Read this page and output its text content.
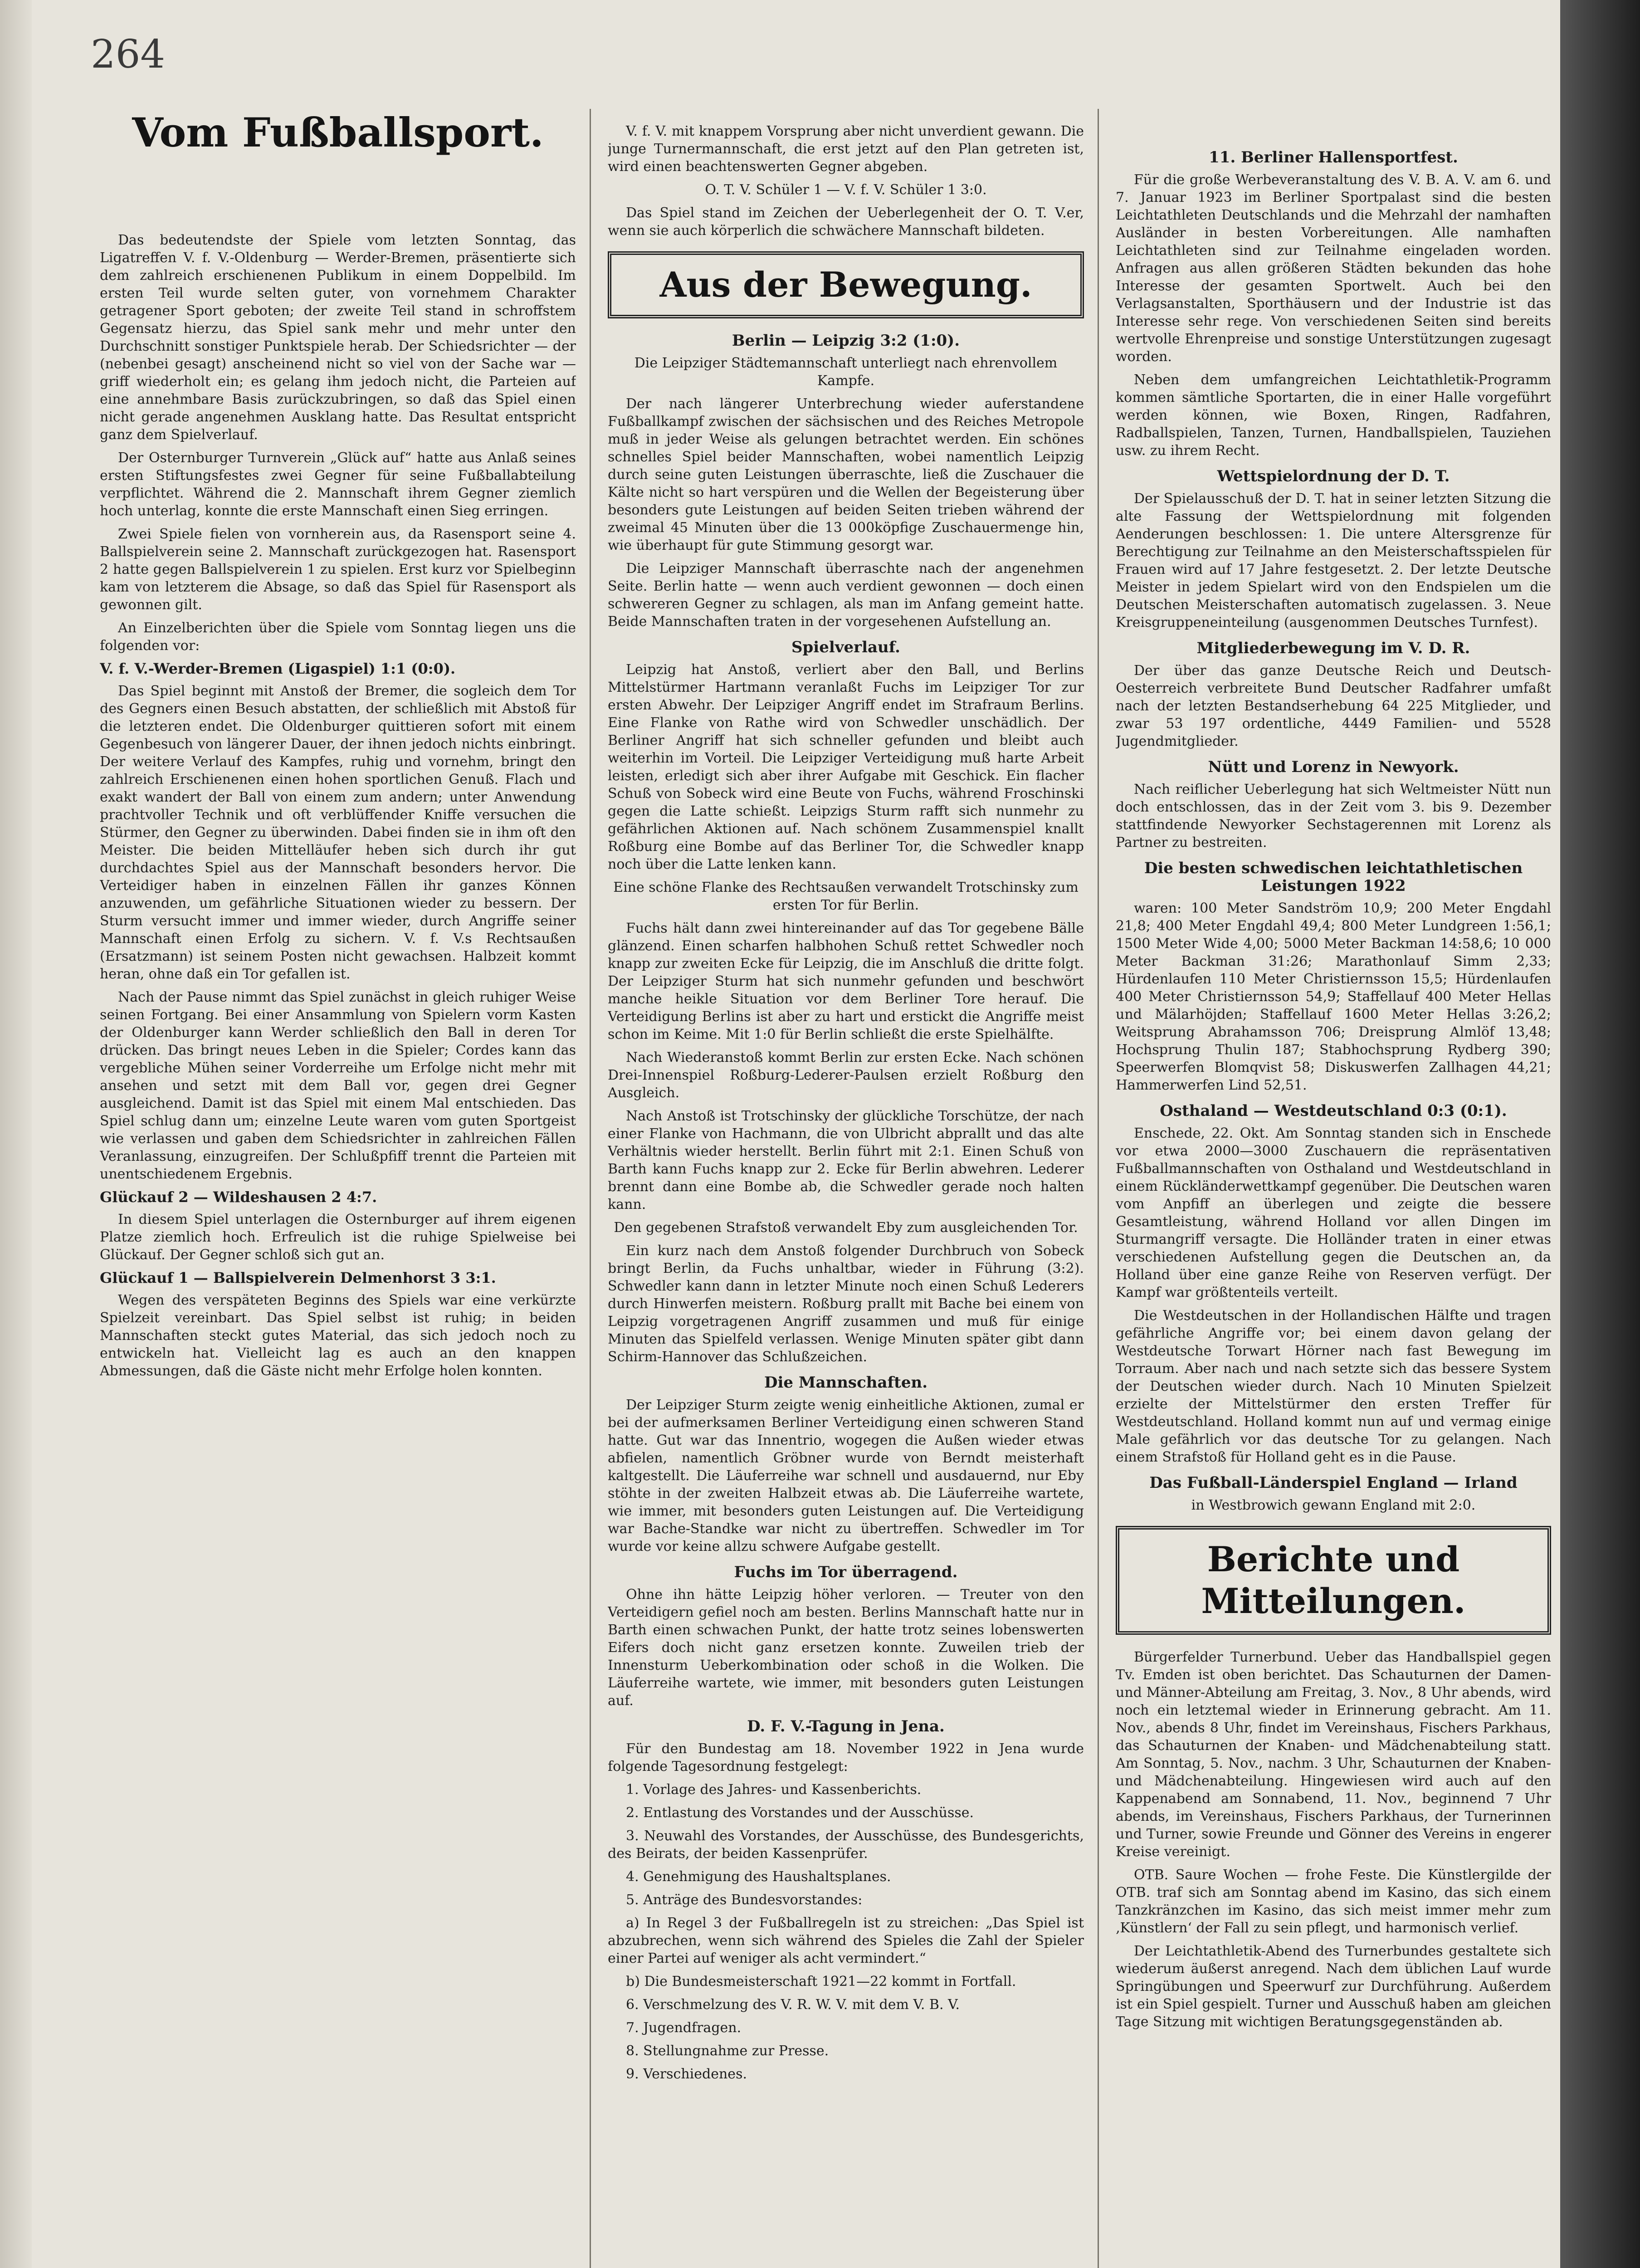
264
Vom Fußballsport.

Das bedeutendste der Spiele vom letzten Sonntag, das Ligatreffen V. f. V.-Oldenburg — Werder-Bremen, präsentierte sich dem zahlreich erschienenen Publikum in einem Doppelbild. Im ersten Teil wurde selten guter, von vornehmem Charakter getragener Sport geboten; der zweite Teil stand in schroffstem Gegensatz hierzu, das Spiel sank mehr und mehr unter den Durchschnitt sonstiger Punktspiele herab. Der Schiedsrichter — der (nebenbei gesagt) anscheinend nicht so viel von der Sache war — griff wiederholt ein; es gelang ihm jedoch nicht, die Parteien auf eine annehmbare Basis zurückzubringen, so daß das Spiel einen nicht gerade angenehmen Ausklang hatte. Das Resultat entspricht ganz dem Spielverlauf.

Der Osternburger Turnverein „Glück auf“ hatte aus Anlaß seines ersten Stiftungsfestes zwei Gegner für seine Fußballabteilung verpflichtet. Während die 2. Mannschaft ihrem Gegner ziemlich hoch unterlag, konnte die erste Mannschaft einen Sieg erringen.

Zwei Spiele fielen von vornherein aus, da Rasensport seine 4. Ballspielverein seine 2. Mannschaft zurückgezogen hat. Rasensport 2 hatte gegen Ballspielverein 1 zu spielen. Erst kurz vor Spielbeginn kam von letzterem die Absage, so daß das Spiel für Rasensport als gewonnen gilt.

An Einzelberichten über die Spiele vom Sonntag liegen uns die folgenden vor:

V. f. V.-Werder-Bremen (Ligaspiel) 1:1 (0:0).

Das Spiel beginnt mit Anstoß der Bremer, die sogleich dem Tor des Gegners einen Besuch abstatten, der schließlich mit Abstoß für die letzteren endet. Die Oldenburger quittieren sofort mit einem Gegenbesuch von längerer Dauer, der ihnen jedoch nichts einbringt. Der weitere Verlauf des Kampfes, ruhig und vornehm, bringt den zahlreich Erschienenen einen hohen sportlichen Genuß. Flach und exakt wandert der Ball von einem zum andern; unter Anwendung prachtvoller Technik und oft verblüffender Kniffe versuchen die Stürmer, den Gegner zu überwinden. Dabei finden sie in ihm oft den Meister. Die beiden Mittelläufer heben sich durch ihr gut durchdachtes Spiel aus der Mannschaft besonders hervor. Die Verteidiger haben in einzelnen Fällen ihr ganzes Können anzuwenden, um gefährliche Situationen wieder zu bessern. Der Sturm versucht immer und immer wieder, durch Angriffe seiner Mannschaft einen Erfolg zu sichern. V. f. V.s Rechtsaußen (Ersatzmann) ist seinem Posten nicht gewachsen. Halbzeit kommt heran, ohne daß ein Tor gefallen ist.

Nach der Pause nimmt das Spiel zunächst in gleich ruhiger Weise seinen Fortgang. Bei einer Ansammlung von Spielern vorm Kasten der Oldenburger kann Werder schließlich den Ball in deren Tor drücken. Das bringt neues Leben in die Spieler; Cordes kann das vergebliche Mühen seiner Vorderreihe um Erfolge nicht mehr mit ansehen und setzt mit dem Ball vor, gegen drei Gegner ausgleichend. Damit ist das Spiel mit einem Mal entschieden. Das Spiel schlug dann um; einzelne Leute waren vom guten Sportgeist wie verlassen und gaben dem Schiedsrichter in zahlreichen Fällen Veranlassung, einzugreifen. Der Schlußpfiff trennt die Parteien mit unentschiedenem Ergebnis.

Glückauf 2 — Wildeshausen 2 4:7.

In diesem Spiel unterlagen die Osternburger auf ihrem eigenen Platze ziemlich hoch. Erfreulich ist die ruhige Spielweise bei Glückauf. Der Gegner schloß sich gut an.

Glückauf 1 — Ballspielverein Delmenhorst 3 3:1.

Wegen des verspäteten Beginns des Spiels war eine verkürzte Spielzeit vereinbart. Das Spiel selbst ist ruhig; in beiden Mannschaften steckt gutes Material, das sich jedoch noch zu entwickeln hat. Vielleicht lag es auch an den knappen Abmessungen, daß die Gäste nicht mehr Erfolge holen konnten.

V. f. V. mit knappem Vorsprung aber nicht unverdient gewann. Die junge Turnermannschaft, die erst jetzt auf den Plan getreten ist, wird einen beachtenswerten Gegner abgeben.

O. T. V. Schüler 1 — V. f. V. Schüler 1 3:0.

Das Spiel stand im Zeichen der Ueberlegenheit der O. T. V.er, wenn sie auch körperlich die schwächere Mannschaft bildeten.

Aus der Bewegung.
Berlin — Leipzig 3:2 (1:0).

Die Leipziger Städtemannschaft unterliegt nach ehrenvollem Kampfe.

Der nach längerer Unterbrechung wieder auferstandene Fußballkampf zwischen der sächsischen und des Reiches Metropole muß in jeder Weise als gelungen betrachtet werden. Ein schönes schnelles Spiel beider Mannschaften, wobei namentlich Leipzig durch seine guten Leistungen überraschte, ließ die Zuschauer die Kälte nicht so hart verspüren und die Wellen der Begeisterung über besonders gute Leistungen auf beiden Seiten trieben während der zweimal 45 Minuten über die 13 000köpfige Zuschauermenge hin, wie überhaupt für gute Stimmung gesorgt war.

Die Leipziger Mannschaft überraschte nach der angenehmen Seite. Berlin hatte — wenn auch verdient gewonnen — doch einen schwereren Gegner zu schlagen, als man im Anfang gemeint hatte. Beide Mannschaften traten in der vorgesehenen Aufstellung an.

Spielverlauf.

Leipzig hat Anstoß, verliert aber den Ball, und Berlins Mittelstürmer Hartmann veranlaßt Fuchs im Leipziger Tor zur ersten Abwehr. Der Leipziger Angriff endet im Strafraum Berlins. Eine Flanke von Rathe wird von Schwedler unschädlich. Der Berliner Angriff hat sich schneller gefunden und bleibt auch weiterhin im Vorteil. Die Leipziger Verteidigung muß harte Arbeit leisten, erledigt sich aber ihrer Aufgabe mit Geschick. Ein flacher Schuß von Sobeck wird eine Beute von Fuchs, während Froschinski gegen die Latte schießt. Leipzigs Sturm rafft sich nunmehr zu gefährlichen Aktionen auf. Nach schönem Zusammenspiel knallt Roßburg eine Bombe auf das Berliner Tor, die Schwedler knapp noch über die Latte lenken kann.

Eine schöne Flanke des Rechtsaußen verwandelt Trotschinsky zum ersten Tor für Berlin.

Fuchs hält dann zwei hintereinander auf das Tor gegebene Bälle glänzend. Einen scharfen halbhohen Schuß rettet Schwedler noch knapp zur zweiten Ecke für Leipzig, die im Anschluß die dritte folgt. Der Leipziger Sturm hat sich nunmehr gefunden und beschwört manche heikle Situation vor dem Berliner Tore herauf. Die Verteidigung Berlins ist aber zu hart und erstickt die Angriffe meist schon im Keime. Mit 1:0 für Berlin schließt die erste Spielhälfte.

Nach Wiederanstoß kommt Berlin zur ersten Ecke. Nach schönen Drei-Innenspiel Roßburg-Lederer-Paulsen erzielt Roßburg den Ausgleich.

Nach Anstoß ist Trotschinsky der glückliche Torschütze, der nach einer Flanke von Hachmann, die von Ulbricht abprallt und das alte Verhältnis wieder herstellt. Berlin führt mit 2:1. Einen Schuß von Barth kann Fuchs knapp zur 2. Ecke für Berlin abwehren. Lederer brennt dann eine Bombe ab, die Schwedler gerade noch halten kann.

Den gegebenen Strafstoß verwandelt Eby zum ausgleichenden Tor.

Ein kurz nach dem Anstoß folgender Durchbruch von Sobeck bringt Berlin, da Fuchs unhaltbar, wieder in Führung (3:2). Schwedler kann dann in letzter Minute noch einen Schuß Lederers durch Hinwerfen meistern. Roßburg prallt mit Bache bei einem von Leipzig vorgetragenen Angriff zusammen und muß für einige Minuten das Spielfeld verlassen. Wenige Minuten später gibt dann Schirm-Hannover das Schlußzeichen.

Die Mannschaften.

Der Leipziger Sturm zeigte wenig einheitliche Aktionen, zumal er bei der aufmerksamen Berliner Verteidigung einen schweren Stand hatte. Gut war das Innentrio, wogegen die Außen wieder etwas abfielen, namentlich Gröbner wurde von Berndt meisterhaft kaltgestellt. Die Läuferreihe war schnell und ausdauernd, nur Eby stöhte in der zweiten Halbzeit etwas ab. Die Läuferreihe wartete, wie immer, mit besonders guten Leistungen auf. Die Verteidigung war Bache-Standke war nicht zu übertreffen. Schwedler im Tor wurde vor keine allzu schwere Aufgabe gestellt.

Fuchs im Tor überragend.

Ohne ihn hätte Leipzig höher verloren. — Treuter von den Verteidigern gefiel noch am besten. Berlins Mannschaft hatte nur in Barth einen schwachen Punkt, der hatte trotz seines lobenswerten Eifers doch nicht ganz ersetzen konnte. Zuweilen trieb der Innensturm Ueberkombination oder schoß in die Wolken. Die Läuferreihe wartete, wie immer, mit besonders guten Leistungen auf.

D. F. V.-Tagung in Jena.

Für den Bundestag am 18. November 1922 in Jena wurde folgende Tagesordnung festgelegt:

1. Vorlage des Jahres- und Kassenberichts.

2. Entlastung des Vorstandes und der Ausschüsse.

3. Neuwahl des Vorstandes, der Ausschüsse, des Bundesgerichts, des Beirats, der beiden Kassenprüfer.

4. Genehmigung des Haushaltsplanes.

5. Anträge des Bundesvorstandes:

a) In Regel 3 der Fußballregeln ist zu streichen: „Das Spiel ist abzubrechen, wenn sich während des Spieles die Zahl der Spieler einer Partei auf weniger als acht vermindert.“

b) Die Bundesmeisterschaft 1921—22 kommt in Fortfall.

6. Verschmelzung des V. R. W. V. mit dem V. B. V.

7. Jugendfragen.

8. Stellungnahme zur Presse.

9. Verschiedenes.

11. Berliner Hallensportfest.

Für die große Werbeveranstaltung des V. B. A. V. am 6. und 7. Januar 1923 im Berliner Sportpalast sind die besten Leichtathleten Deutschlands und die Mehrzahl der namhaften Ausländer in besten Vorbereitungen. Alle namhaften Leichtathleten sind zur Teilnahme eingeladen worden. Anfragen aus allen größeren Städten bekunden das hohe Interesse der gesamten Sportwelt. Auch bei den Verlagsanstalten, Sporthäusern und der Industrie ist das Interesse sehr rege. Von verschiedenen Seiten sind bereits wertvolle Ehrenpreise und sonstige Unterstützungen zugesagt worden.

Neben dem umfangreichen Leichtathletik-Programm kommen sämtliche Sportarten, die in einer Halle vorgeführt werden können, wie Boxen, Ringen, Radfahren, Radballspielen, Tanzen, Turnen, Handballspielen, Tauziehen usw. zu ihrem Recht.

Wettspielordnung der D. T.

Der Spielausschuß der D. T. hat in seiner letzten Sitzung die alte Fassung der Wettspielordnung mit folgenden Aenderungen beschlossen: 1. Die untere Altersgrenze für Berechtigung zur Teilnahme an den Meisterschaftsspielen für Frauen wird auf 17 Jahre festgesetzt. 2. Der letzte Deutsche Meister in jedem Spielart wird von den Endspielen um die Deutschen Meisterschaften automatisch zugelassen. 3. Neue Kreisgruppeneinteilung (ausgenommen Deutsches Turnfest).

Mitgliederbewegung im V. D. R.

Der über das ganze Deutsche Reich und Deutsch-Oesterreich verbreitete Bund Deutscher Radfahrer umfaßt nach der letzten Bestandserhebung 64 225 Mitglieder, und zwar 53 197 ordentliche, 4449 Familien- und 5528 Jugendmitglieder.

Nütt und Lorenz in Newyork.

Nach reiflicher Ueberlegung hat sich Weltmeister Nütt nun doch entschlossen, das in der Zeit vom 3. bis 9. Dezember stattfindende Newyorker Sechstagerennen mit Lorenz als Partner zu bestreiten.

Die besten schwedischen leichtathletischen Leistungen 1922

waren: 100 Meter Sandström 10,9; 200 Meter Engdahl 21,8; 400 Meter Engdahl 49,4; 800 Meter Lundgreen 1:56,1; 1500 Meter Wide 4,00; 5000 Meter Backman 14:58,6; 10 000 Meter Backman 31:26; Marathonlauf Simm 2,33; Hürdenlaufen 110 Meter Christiernsson 15,5; Hürdenlaufen 400 Meter Christiernsson 54,9; Staffellauf 400 Meter Hellas und Mälarhöjden; Staffellauf 1600 Meter Hellas 3:26,2; Weitsprung Abrahamsson 706; Dreisprung Almlöf 13,48; Hochsprung Thulin 187; Stabhochsprung Rydberg 390; Speerwerfen Blomqvist 58; Diskuswerfen Zallhagen 44,21; Hammerwerfen Lind 52,51.

Osthaland — Westdeutschland 0:3 (0:1).

Enschede, 22. Okt. Am Sonntag standen sich in Enschede vor etwa 2000—3000 Zuschauern die repräsentativen Fußballmannschaften von Osthaland und Westdeutschland in einem Rückländerwettkampf gegenüber. Die Deutschen waren vom Anpfiff an überlegen und zeigte die bessere Gesamtleistung, während Holland vor allen Dingen im Sturmangriff versagte. Die Holländer traten in einer etwas verschiedenen Aufstellung gegen die Deutschen an, da Holland über eine ganze Reihe von Reserven verfügt. Der Kampf war größtenteils verteilt.

Die Westdeutschen in der Hollandischen Hälfte und tragen gefährliche Angriffe vor; bei einem davon gelang der Westdeutsche Torwart Hörner nach fast Bewegung im Torraum. Aber nach und nach setzte sich das bessere System der Deutschen wieder durch. Nach 10 Minuten Spielzeit erzielte der Mittelstürmer den ersten Treffer für Westdeutschland. Holland kommt nun auf und vermag einige Male gefährlich vor das deutsche Tor zu gelangen. Nach einem Strafstoß für Holland geht es in die Pause.

Das Fußball-Länderspiel England — Irland

in Westbrowich gewann England mit 2:0.

Berichte und Mitteilungen.

Bürgerfelder Turnerbund. Ueber das Handballspiel gegen Tv. Emden ist oben berichtet. Das Schauturnen der Damen- und Männer-Abteilung am Freitag, 3. Nov., 8 Uhr abends, wird noch ein letztemal wieder in Erinnerung gebracht. Am 11. Nov., abends 8 Uhr, findet im Vereinshaus, Fischers Parkhaus, das Schauturnen der Knaben- und Mädchenabteilung statt. Am Sonntag, 5. Nov., nachm. 3 Uhr, Schauturnen der Knaben- und Mädchenabteilung. Hingewiesen wird auch auf den Kappenabend am Sonnabend, 11. Nov., beginnend 7 Uhr abends, im Vereinshaus, Fischers Parkhaus, der Turnerinnen und Turner, sowie Freunde und Gönner des Vereins in engerer Kreise vereinigt.

OTB. Saure Wochen — frohe Feste. Die Künstlergilde der OTB. traf sich am Sonntag abend im Kasino, das sich einem Tanzkränzchen im Kasino, das sich meist immer mehr zum ‚Künstlern‘ der Fall zu sein pflegt, und harmonisch verlief.

Der Leichtathletik-Abend des Turnerbundes gestaltete sich wiederum äußerst anregend. Nach dem üblichen Lauf wurde Springübungen und Speerwurf zur Durchführung. Außerdem ist ein Spiel gespielt. Turner und Ausschuß haben am gleichen Tage Sitzung mit wichtigen Beratungsgegenständen ab.
